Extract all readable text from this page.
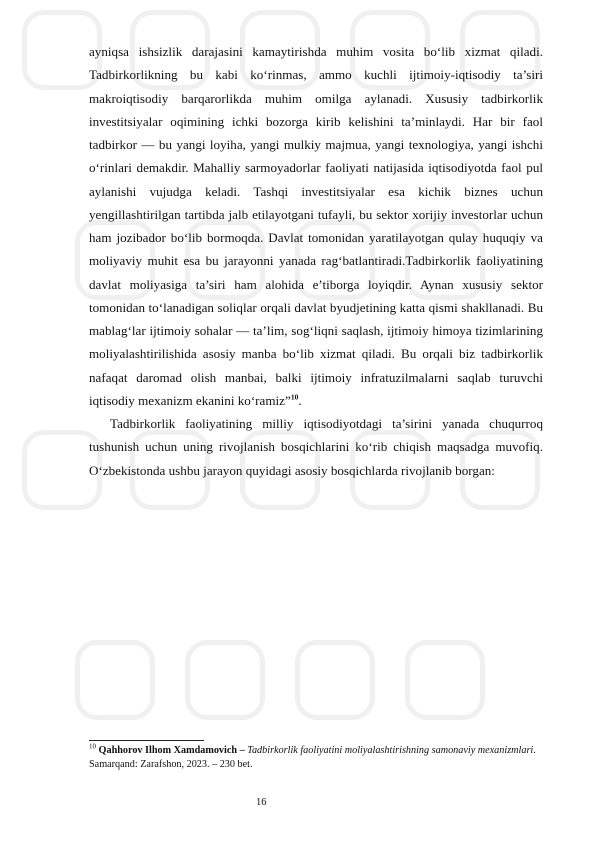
ayniqsa ishsizlik darajasini kamaytirishda muhim vosita bo‘lib xizmat qiladi. Tadbirkorlikning bu kabi ko‘rinmas, ammo kuchli ijtimoiy-iqtisodiy ta’siri makroiqtisodiy barqarorlikda muhim omilga aylanadi. Xususiy tadbirkorlik investitsiyalar oqimining ichki bozorga kirib kelishini ta’minlaydi. Har bir faol tadbirkor — bu yangi loyiha, yangi mulkiy majmua, yangi texnologiya, yangi ishchi o‘rinlari demakdir. Mahalliy sarmoyadorlar faoliyati natijasida iqtisodiyotda faol pul aylanishi vujudga keladi. Tashqi investitsiyalar esa kichik biznes uchun yengillashtirilgan tartibda jalb etilayotgani tufayli, bu sektor xorijiy investorlar uchun ham jozibador bo‘lib bormoqda. Davlat tomonidan yaratilayotgan qulay huquqiy va moliyaviy muhit esa bu jarayonni yanada rag‘batlantiradi.Tadbirkorlik faoliyatining davlat moliyasiga ta’siri ham alohida e’tiborga loyiqdir. Aynan xususiy sektor tomonidan to‘lanadigan soliqlar orqali davlat byudjetining katta qismi shakllanadi. Bu mablag‘lar ijtimoiy sohalar — ta’lim, sog‘liqni saqlash, ijtimoiy himoya tizimlarining moliyalashtirilishida asosiy manba bo‘lib xizmat qiladi. Bu orqali biz tadbirkorlik nafaqat daromad olish manbai, balki ijtimoiy infratuzilmalarni saqlab turuvchi iqtisodiy mexanizm ekanini ko‘ramiz”$^{10}$.

Tadbirkorlik faoliyatining milliy iqtisodiyotdagi ta’sirini yanada chuqurroq tushunish uchun uning rivojlanish bosqichlarini ko‘rib chiqish maqsadga muvofiq. O‘zbekistonda ushbu jarayon quyidagi asosiy bosqichlarda rivojlanib borgan:

$^{10}$ Qahhorov Ilhom Xamdamovich – Tadbirkorlik faoliyatini moliyalashtirishning samonaviy mexanizmlari. Samarqand: Zarafshon, 2023. – 230 bet.
16
